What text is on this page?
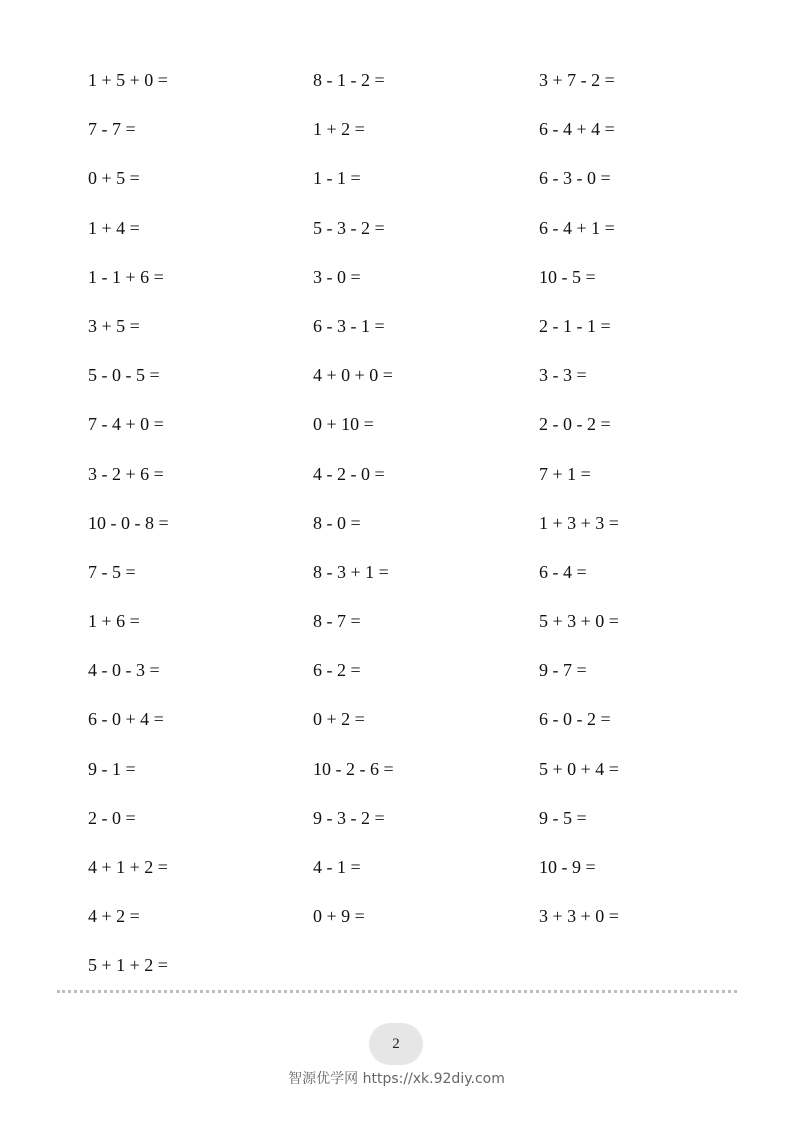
1 + 5 + 0 =
7 - 7 =
0 + 5 =
1 + 4 =
1 - 1 + 6 =
3 + 5 =
5 - 0 - 5 =
7 - 4 + 0 =
3 - 2 + 6 =
10 - 0 - 8 =
7 - 5 =
1 + 6 =
4 - 0 - 3 =
6 - 0 + 4 =
9 - 1 =
2 - 0 =
4 + 1 + 2 =
4 + 2 =
5 + 1 + 2 =
8 - 1 - 2 =
1 + 2 =
1 - 1 =
5 - 3 - 2 =
3 - 0 =
6 - 3 - 1 =
4 + 0 + 0 =
0 + 10 =
4 - 2 - 0 =
8 - 0 =
8 - 3 + 1 =
8 - 7 =
6 - 2 =
0 + 2 =
10 - 2 - 6 =
9 - 3 - 2 =
4 - 1 =
0 + 9 =
3 + 7 - 2 =
6 - 4 + 4 =
6 - 3 - 0 =
6 - 4 + 1 =
10 - 5 =
2 - 1 - 1 =
3 - 3 =
2 - 0 - 2 =
7 + 1 =
1 + 3 + 3 =
6 - 4 =
5 + 3 + 0 =
9 - 7 =
6 - 0 - 2 =
5 + 0 + 4 =
9 - 5 =
10 - 9 =
3 + 3 + 0 =
2
智源优学网 https://xk.92diy.com
